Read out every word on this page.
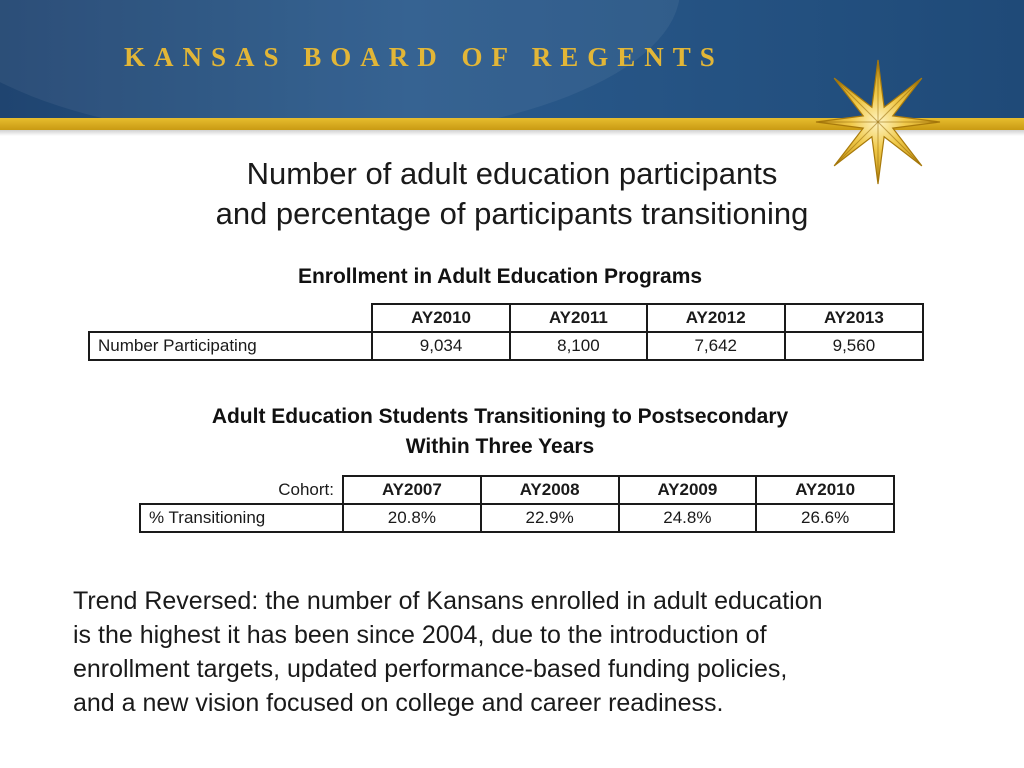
KANSAS BOARD OF REGENTS
Number of adult education participants
and percentage of participants transitioning
Enrollment in Adult Education Programs
	AY2010	AY2011	AY2012	AY2013
Number Participating	9,034	8,100	7,642	9,560
Adult Education Students Transitioning to Postsecondary
Within Three Years
Cohort:	AY2007	AY2008	AY2009	AY2010
% Transitioning	20.8%	22.9%	24.8%	26.6%
Trend Reversed: the number of Kansans enrolled in adult education
is the highest it has been since 2004, due to the introduction of
enrollment targets, updated performance-based funding policies,
and a new vision focused on college and career readiness.
